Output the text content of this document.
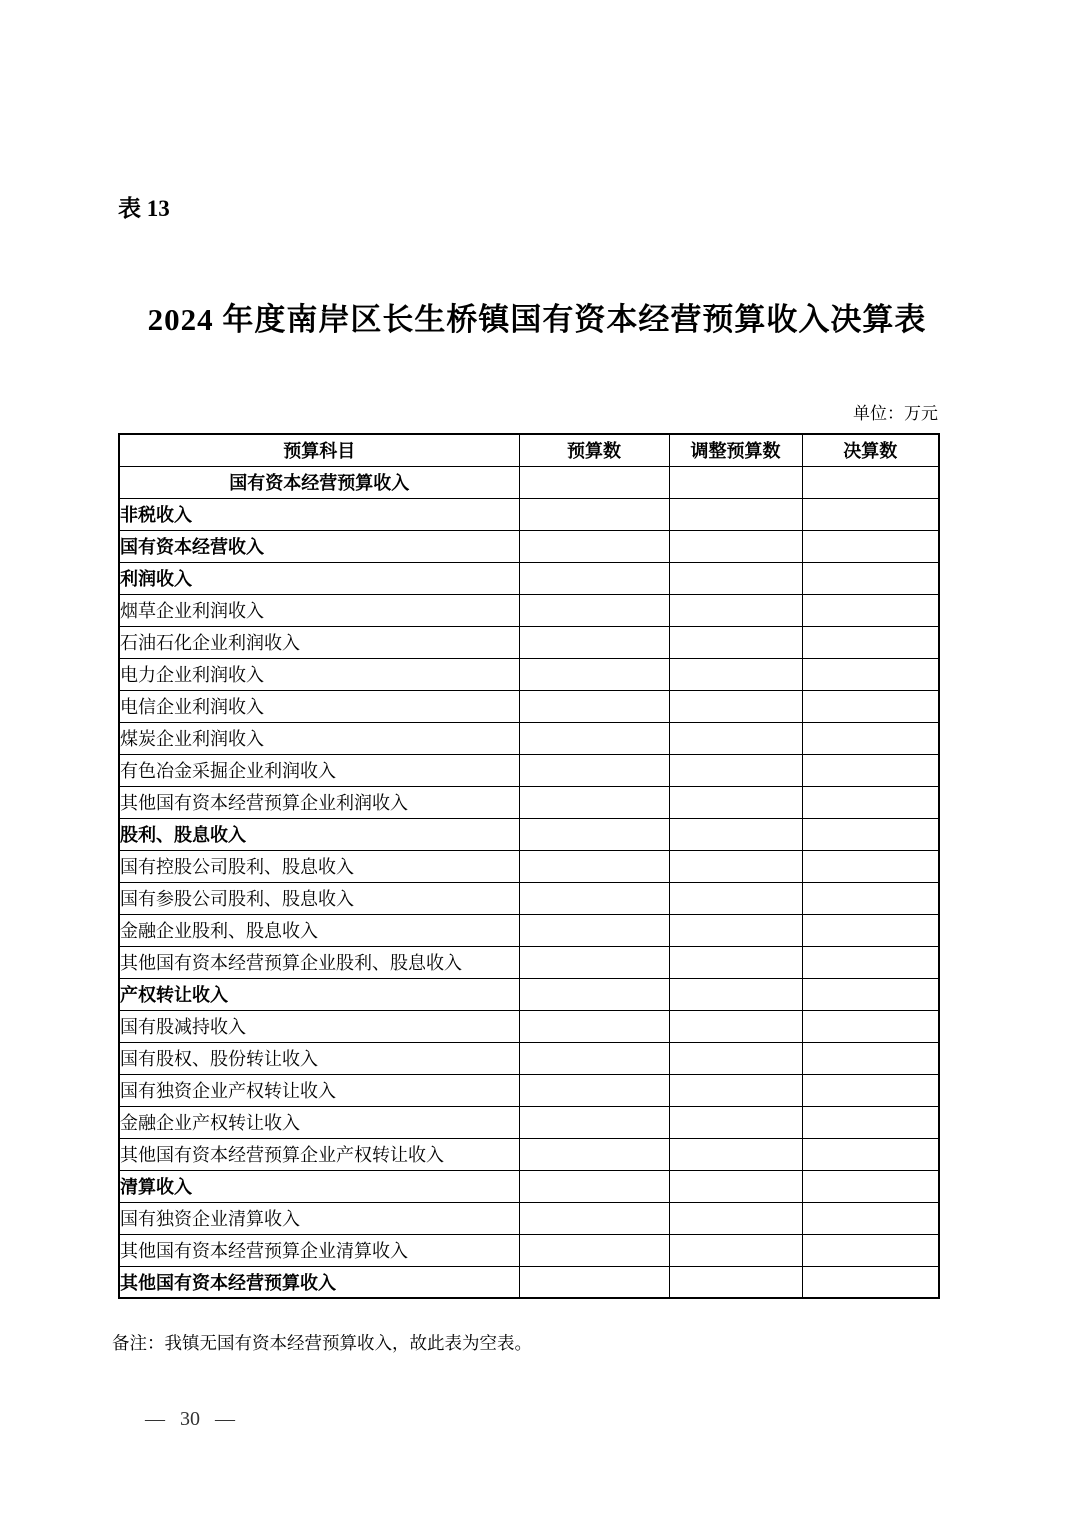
表 13
2024 年度南岸区长生桥镇国有资本经营预算收入决算表
单位：万元
预算科目	预算数	调整预算数	决算数
国有资本经营预算收入			
非税收入			
国有资本经营收入			
利润收入			
烟草企业利润收入			
石油石化企业利润收入			
电力企业利润收入			
电信企业利润收入			
煤炭企业利润收入			
有色冶金采掘企业利润收入			
其他国有资本经营预算企业利润收入			
股利、股息收入			
国有控股公司股利、股息收入			
国有参股公司股利、股息收入			
金融企业股利、股息收入			
其他国有资本经营预算企业股利、股息收入			
产权转让收入			
国有股减持收入			
国有股权、股份转让收入			
国有独资企业产权转让收入			
金融企业产权转让收入			
其他国有资本经营预算企业产权转让收入			
清算收入			
国有独资企业清算收入			
其他国有资本经营预算企业清算收入			
其他国有资本经营预算收入			
备注：我镇无国有资本经营预算收入，故此表为空表。
— 30 —
